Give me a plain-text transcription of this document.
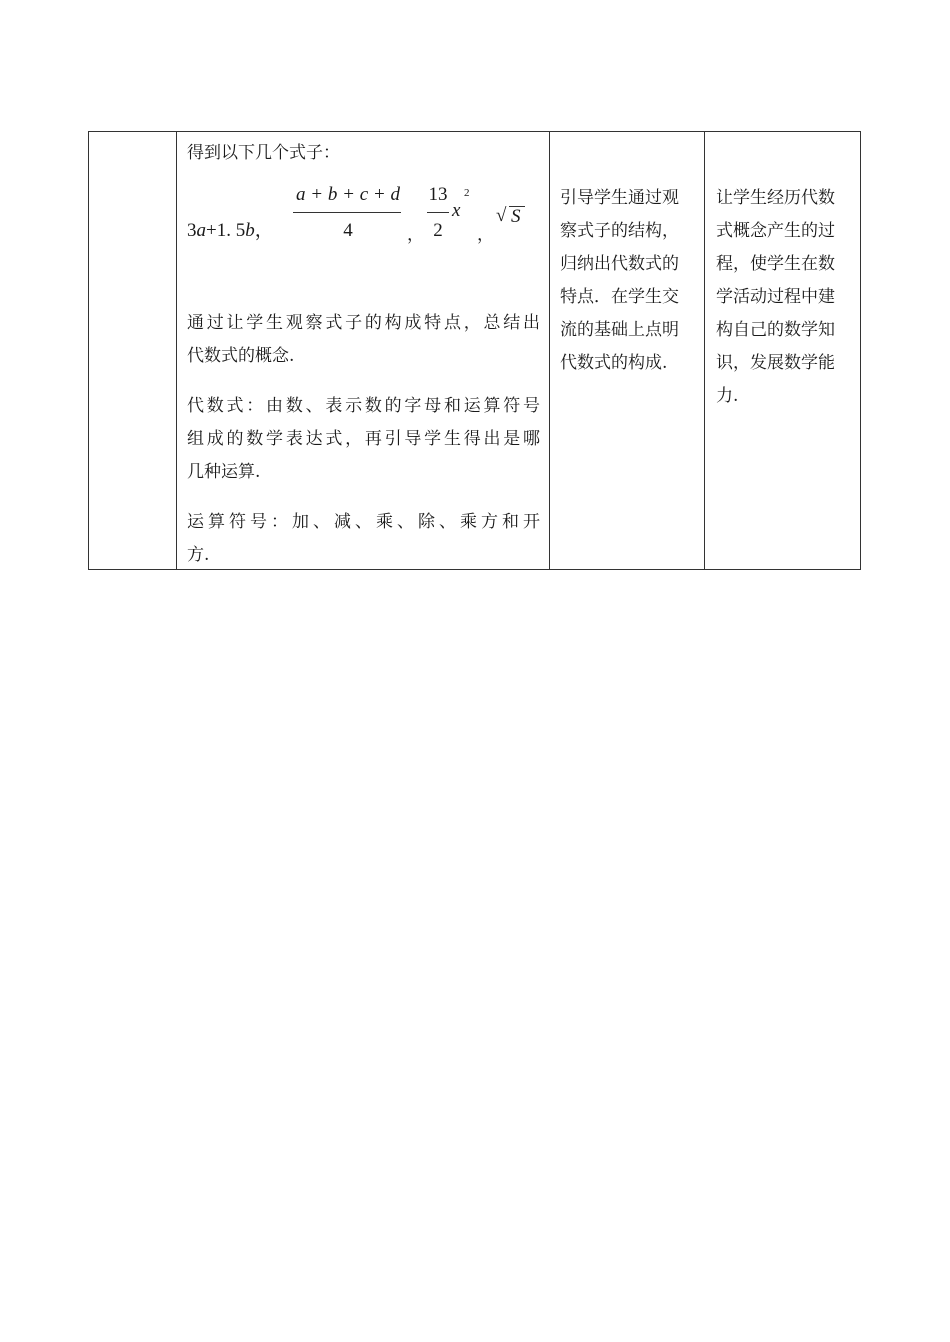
得到以下几个式子：

3a+1. 5b，
a + b + c + d
4	，
13
2
x
2
，
√ S

通过让学生观察式子的构成特点，总结出

代数式的概念.

代数式：由数、表示数的字母和运算符号

组成的数学表达式，再引导学生得出是哪

几种运算.

运算符号：加、减、乘、除、乘方和开

方.

引导学生通过观
察式子的结构，
归纳出代数式的
特点．在学生交
流的基础上点明
代数式的构成.
让学生经历代数
式概念产生的过
程，使学生在数
学活动过程中建
构自己的数学知
识，发展数学能
力.
